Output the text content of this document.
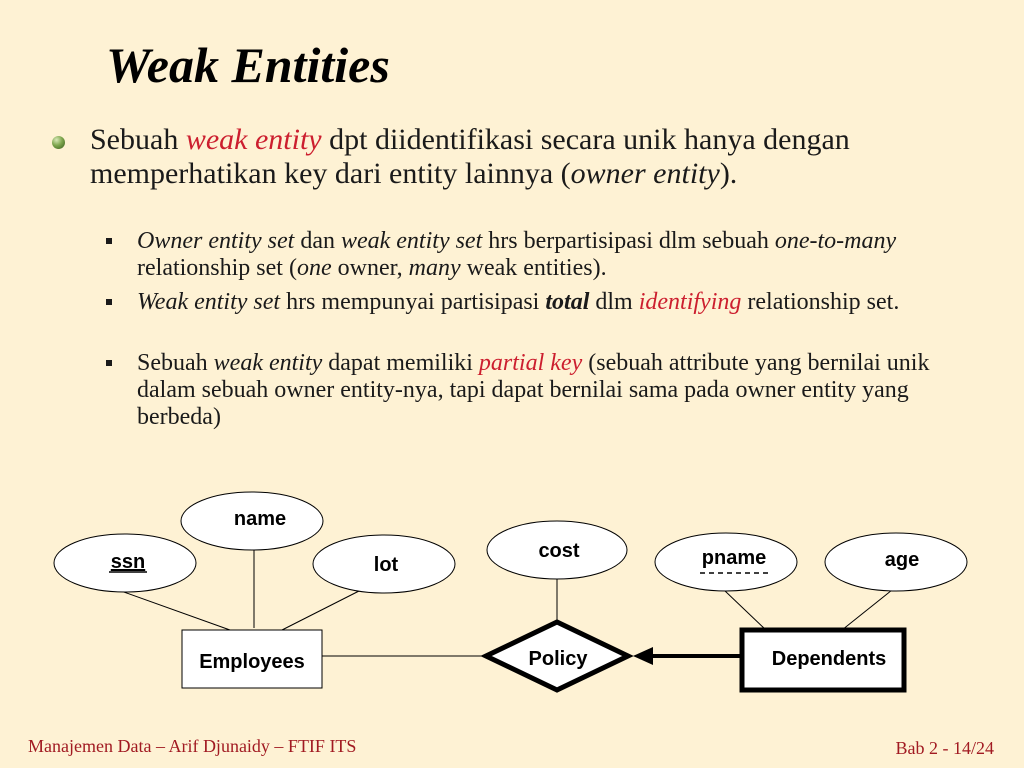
Weak Entities
Sebuah weak entity dpt diidentifikasi secara unik hanya dengan memperhatikan key dari entity lainnya (owner entity).
Owner entity set dan weak entity set hrs berpartisipasi dlm sebuah one-to-many relationship set (one owner, many weak entities).
Weak entity set hrs mempunyai partisipasi total dlm identifying relationship set.
Sebuah weak entity dapat memiliki partial key (sebuah attribute yang bernilai unik dalam sebuah owner entity-nya, tapi dapat bernilai sama pada owner entity yang berbeda)
name
ssn	lot
cost	pname	age
Employees	Policy	Dependents
Manajemen Data – Arif Djunaidy – FTIF ITS	Bab 2 - 14/24
